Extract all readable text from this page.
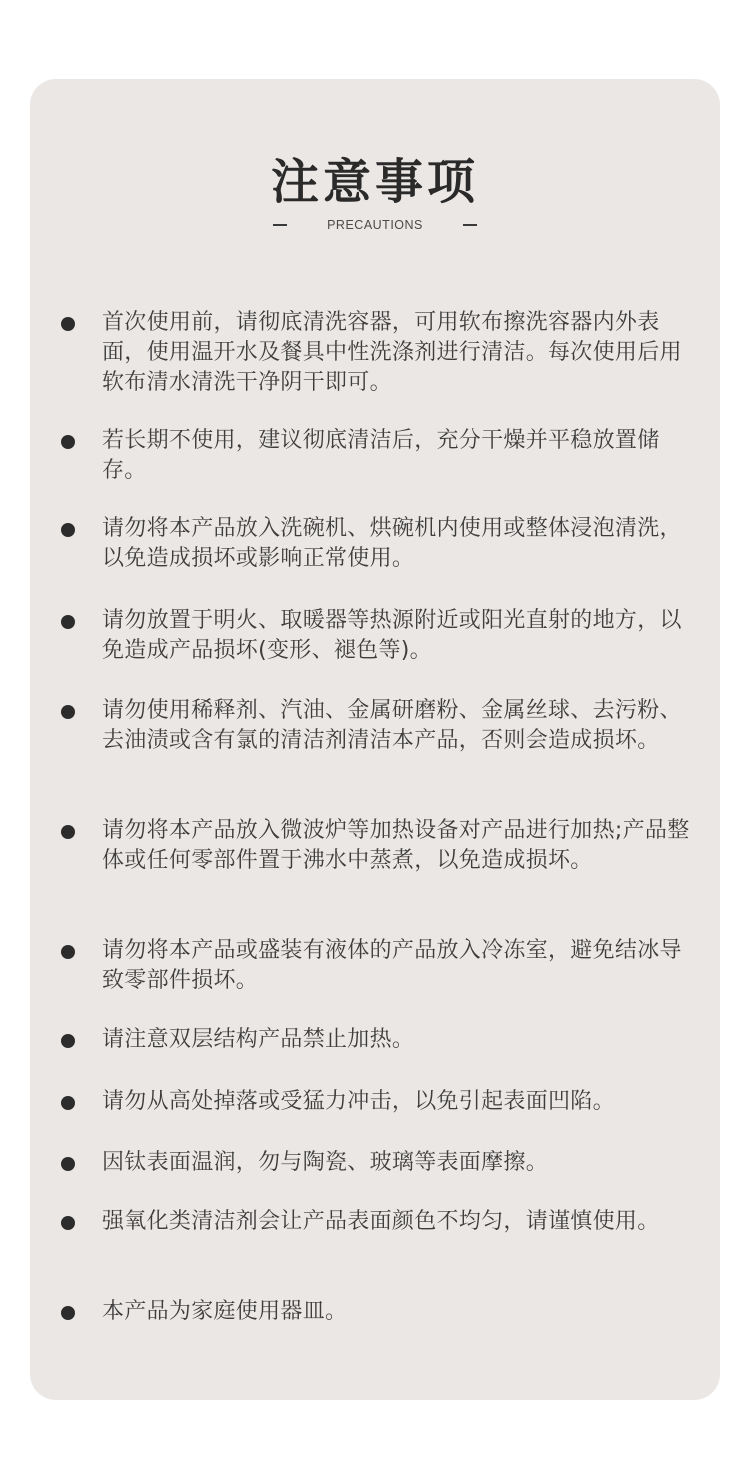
注意事项
PRECAUTIONS
首次使用前，请彻底清洗容器，可用软布擦洗容器内外表面，使用温开水及餐具中性洗涤剂进行清洁。每次使用后用软布清水清洗干净阴干即可。
若长期不使用，建议彻底清洁后，充分干燥并平稳放置储存。
请勿将本产品放入洗碗机、烘碗机内使用或整体浸泡清洗，以免造成损坏或影响正常使用。
请勿放置于明火、取暖器等热源附近或阳光直射的地方，以免造成产品损坏(变形、褪色等)。
请勿使用稀释剂、汽油、金属研磨粉、金属丝球、去污粉、去油渍或含有氯的清洁剂清洁本产品，否则会造成损坏。
请勿将本产品放入微波炉等加热设备对产品进行加热;产品整体或任何零部件置于沸水中蒸煮，以免造成损坏。
请勿将本产品或盛装有液体的产品放入冷冻室，避免结冰导致零部件损坏。
请注意双层结构产品禁止加热。
请勿从高处掉落或受猛力冲击，以免引起表面凹陷。
因钛表面温润，勿与陶瓷、玻璃等表面摩擦。
强氧化类清洁剂会让产品表面颜色不均匀，请谨慎使用。
本产品为家庭使用器皿。
